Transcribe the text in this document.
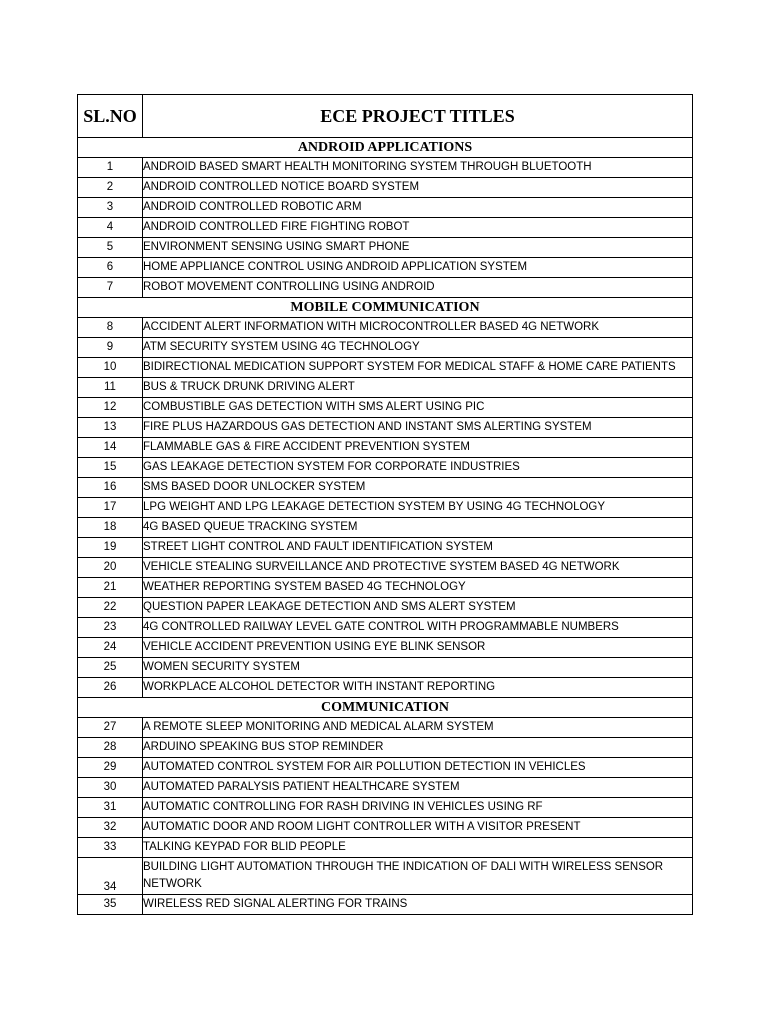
SL.NO	ECE PROJECT TITLES
ANDROID APPLICATIONS	
1	ANDROID BASED SMART HEALTH MONITORING SYSTEM THROUGH BLUETOOTH
2	ANDROID CONTROLLED NOTICE BOARD SYSTEM
3	ANDROID CONTROLLED ROBOTIC ARM
4	ANDROID CONTROLLED FIRE FIGHTING ROBOT
5	ENVIRONMENT SENSING USING SMART PHONE
6	HOME APPLIANCE CONTROL USING ANDROID APPLICATION SYSTEM
7	ROBOT MOVEMENT CONTROLLING USING ANDROID
MOBILE COMMUNICATION	
8	ACCIDENT ALERT INFORMATION WITH MICROCONTROLLER BASED 4G NETWORK
9	ATM SECURITY SYSTEM USING 4G TECHNOLOGY
10	BIDIRECTIONAL MEDICATION SUPPORT SYSTEM FOR MEDICAL STAFF & HOME CARE PATIENTS
11	BUS & TRUCK DRUNK DRIVING ALERT
12	COMBUSTIBLE GAS DETECTION WITH SMS ALERT USING PIC
13	FIRE PLUS HAZARDOUS GAS DETECTION AND INSTANT SMS ALERTING SYSTEM
14	FLAMMABLE GAS & FIRE ACCIDENT PREVENTION SYSTEM
15	GAS LEAKAGE DETECTION SYSTEM FOR CORPORATE INDUSTRIES
16	SMS BASED DOOR UNLOCKER SYSTEM
17	LPG WEIGHT AND LPG LEAKAGE DETECTION SYSTEM BY USING 4G TECHNOLOGY
18	4G BASED QUEUE TRACKING SYSTEM
19	STREET LIGHT CONTROL AND FAULT IDENTIFICATION SYSTEM
20	VEHICLE STEALING SURVEILLANCE AND PROTECTIVE SYSTEM BASED 4G NETWORK
21	WEATHER REPORTING SYSTEM BASED 4G TECHNOLOGY
22	QUESTION PAPER LEAKAGE DETECTION AND SMS ALERT SYSTEM
23	4G CONTROLLED RAILWAY LEVEL GATE CONTROL WITH PROGRAMMABLE NUMBERS
24	VEHICLE ACCIDENT PREVENTION USING EYE BLINK SENSOR
25	WOMEN SECURITY SYSTEM
26	WORKPLACE ALCOHOL DETECTOR WITH INSTANT REPORTING
COMMUNICATION	
27	A REMOTE SLEEP MONITORING AND MEDICAL ALARM SYSTEM
28	ARDUINO SPEAKING BUS STOP REMINDER
29	AUTOMATED CONTROL SYSTEM FOR AIR POLLUTION DETECTION IN VEHICLES
30	AUTOMATED PARALYSIS PATIENT HEALTHCARE SYSTEM
31	AUTOMATIC CONTROLLING FOR RASH DRIVING IN VEHICLES USING RF
32	AUTOMATIC DOOR AND ROOM LIGHT CONTROLLER WITH A VISITOR PRESENT
33	TALKING KEYPAD FOR BLID PEOPLE
34	BUILDING LIGHT AUTOMATION THROUGH THE INDICATION OF DALI WITH WIRELESS SENSOR NETWORK
35	WIRELESS RED SIGNAL ALERTING FOR TRAINS
